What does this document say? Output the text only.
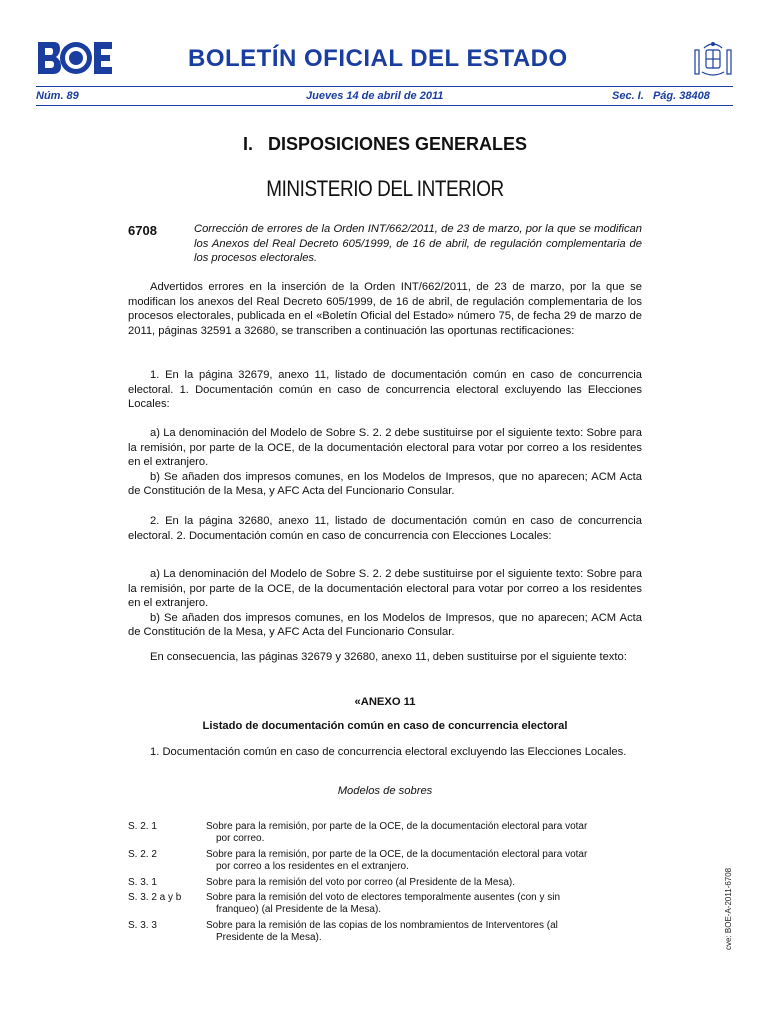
BOLETÍN OFICIAL DEL ESTADO
Núm. 89	Jueves 14 de abril de 2011	Sec. I.   Pág. 38408
I.   DISPOSICIONES GENERALES
MINISTERIO DEL INTERIOR
6708	Corrección de errores de la Orden INT/662/2011, de 23 de marzo, por la que se modifican los Anexos del Real Decreto 605/1999, de 16 de abril, de regulación complementaria de los procesos electorales.

Advertidos errores en la inserción de la Orden INT/662/2011, de 23 de marzo, por la que se modifican los anexos del Real Decreto 605/1999, de 16 de abril, de regulación complementaria de los procesos electorales, publicada en el «Boletín Oficial del Estado» número 75, de fecha 29 de marzo de 2011, páginas 32591 a 32680, se transcriben a continuación las oportunas rectificaciones:

1. En la página 32679, anexo 11, listado de documentación común en caso de concurrencia electoral. 1. Documentación común en caso de concurrencia electoral excluyendo las Elecciones Locales:

a) La denominación del Modelo de Sobre S. 2. 2 debe sustituirse por el siguiente texto: Sobre para la remisión, por parte de la OCE, de la documentación electoral para votar por correo a los residentes en el extranjero.

b) Se añaden dos impresos comunes, en los Modelos de Impresos, que no aparecen; ACM Acta de Constitución de la Mesa, y AFC Acta del Funcionario Consular.

2. En la página 32680, anexo 11, listado de documentación común en caso de concurrencia electoral. 2. Documentación común en caso de concurrencia con Elecciones Locales:

a) La denominación del Modelo de Sobre S. 2. 2 debe sustituirse por el siguiente texto: Sobre para la remisión, por parte de la OCE, de la documentación electoral para votar por correo a los residentes en el extranjero.

b) Se añaden dos impresos comunes, en los Modelos de Impresos, que no aparecen; ACM Acta de Constitución de la Mesa, y AFC Acta del Funcionario Consular.

En consecuencia, las páginas 32679 y 32680, anexo 11, deben sustituirse por el siguiente texto:

«ANEXO 11
Listado de documentación común en caso de concurrencia electoral

1. Documentación común en caso de concurrencia electoral excluyendo las Elecciones Locales.

Modelos de sobres
S. 2. 1	Sobre para la remisión, por parte de la OCE, de la documentación electoral para votar
por correo.
S. 2. 2	Sobre para la remisión, por parte de la OCE, de la documentación electoral para votar
por correo a los residentes en el extranjero.
S. 3. 1	Sobre para la remisión del voto por correo (al Presidente de la Mesa).
S. 3. 2 a y b	Sobre para la remisión del voto de electores temporalmente ausentes (con y sin
franqueo) (al Presidente de la Mesa).
S. 3. 3	Sobre para la remisión de las copias de los nombramientos de Interventores (al
Presidente de la Mesa).	cve: BOE-A-2011-6708
